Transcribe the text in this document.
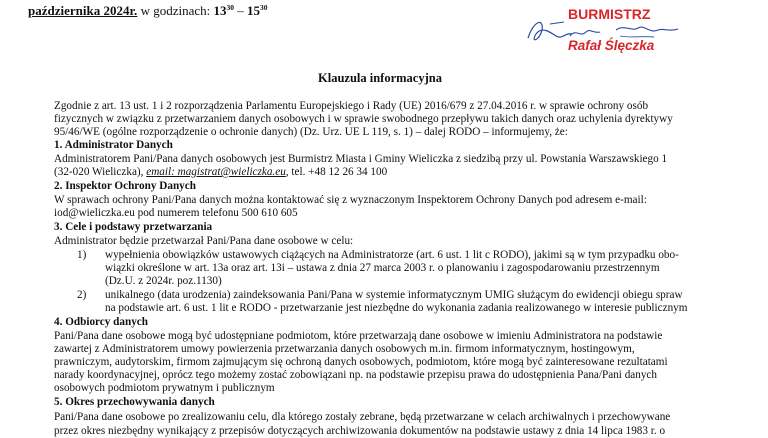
października 2024r. w godzinach: $13^{30} - 15^{30}$	BURMISTRZ
Rafał Ślęczka
Klauzula informacyjna
Zgodnie z art. 13 ust. 1 i 2 rozporządzenia Parlamentu Europejskiego i Rady (UE) 2016/679 z 27.04.2016 r. w sprawie ochrony osób
fizycznych w związku z przetwarzaniem danych osobowych i w sprawie swobodnego przepływu takich danych oraz uchylenia dyrektywy
95/46/WE (ogólne rozporządzenie o ochronie danych) (Dz. Urz. UE L 119, s. 1) – dalej RODO – informujemy, że:
1. Administrator Danych
Administratorem Pani/Pana danych osobowych jest Burmistrz Miasta i Gminy Wieliczka z siedzibą przy ul. Powstania Warszawskiego 1
(32-020 Wieliczka), email: magistrat@wieliczka.eu, tel. +48 12 26 34 100
2. Inspektor Ochrony Danych
W sprawach ochrony Pani/Pana danych można kontaktować się z wyznaczonym Inspektorem Ochrony Danych pod adresem e-mail:
iod@wieliczka.eu pod numerem telefonu 500 610 605
3. Cele i podstawy przetwarzania
Administrator będzie przetwarzał Pani/Pana dane osobowe w celu:
1) wypełnienia obowiązków ustawowych ciążących na Administratorze (art. 6 ust. 1 lit c RODO), jakimi są w tym przypadku obo-
wiązki określone w art. 13a oraz art. 13i – ustawa z dnia 27 marca 2003 r. o planowaniu i zagospodarowaniu przestrzennym
(Dz.U. z 2024r. poz.1130)
2) unikalnego (data urodzenia) zaindeksowania Pani/Pana w systemie informatycznym UMIG służącym do ewidencji obiegu spraw
na podstawie art. 6 ust. 1 lit e RODO - przetwarzanie jest niezbędne do wykonania zadania realizowanego w interesie publicznym
4. Odbiorcy danych
Pani/Pana dane osobowe mogą być udostępniane podmiotom, które przetwarzają dane osobowe w imieniu Administratora na podstawie
zawartej z Administratorem umowy powierzenia przetwarzania danych osobowych m.in. firmom informatycznym, hostingowym,
prawniczym, audytorskim, firmom zajmującym się ochroną danych osobowych, podmiotom, które mogą być zainteresowane rezultatami
narady koordynacyjnej, oprócz tego możemy zostać zobowiązani np. na podstawie przepisu prawa do udostępnienia Pana/Pani danych
osobowych podmiotom prywatnym i publicznym
5. Okres przechowywania danych
Pani/Pana dane osobowe po zrealizowaniu celu, dla którego zostały zebrane, będą przetwarzane w celach archiwalnych i przechowywane
przez okres niezbędny wynikający z przepisów dotyczących archiwizowania dokumentów na podstawie ustawy z dnia 14 lipca 1983 r. o
